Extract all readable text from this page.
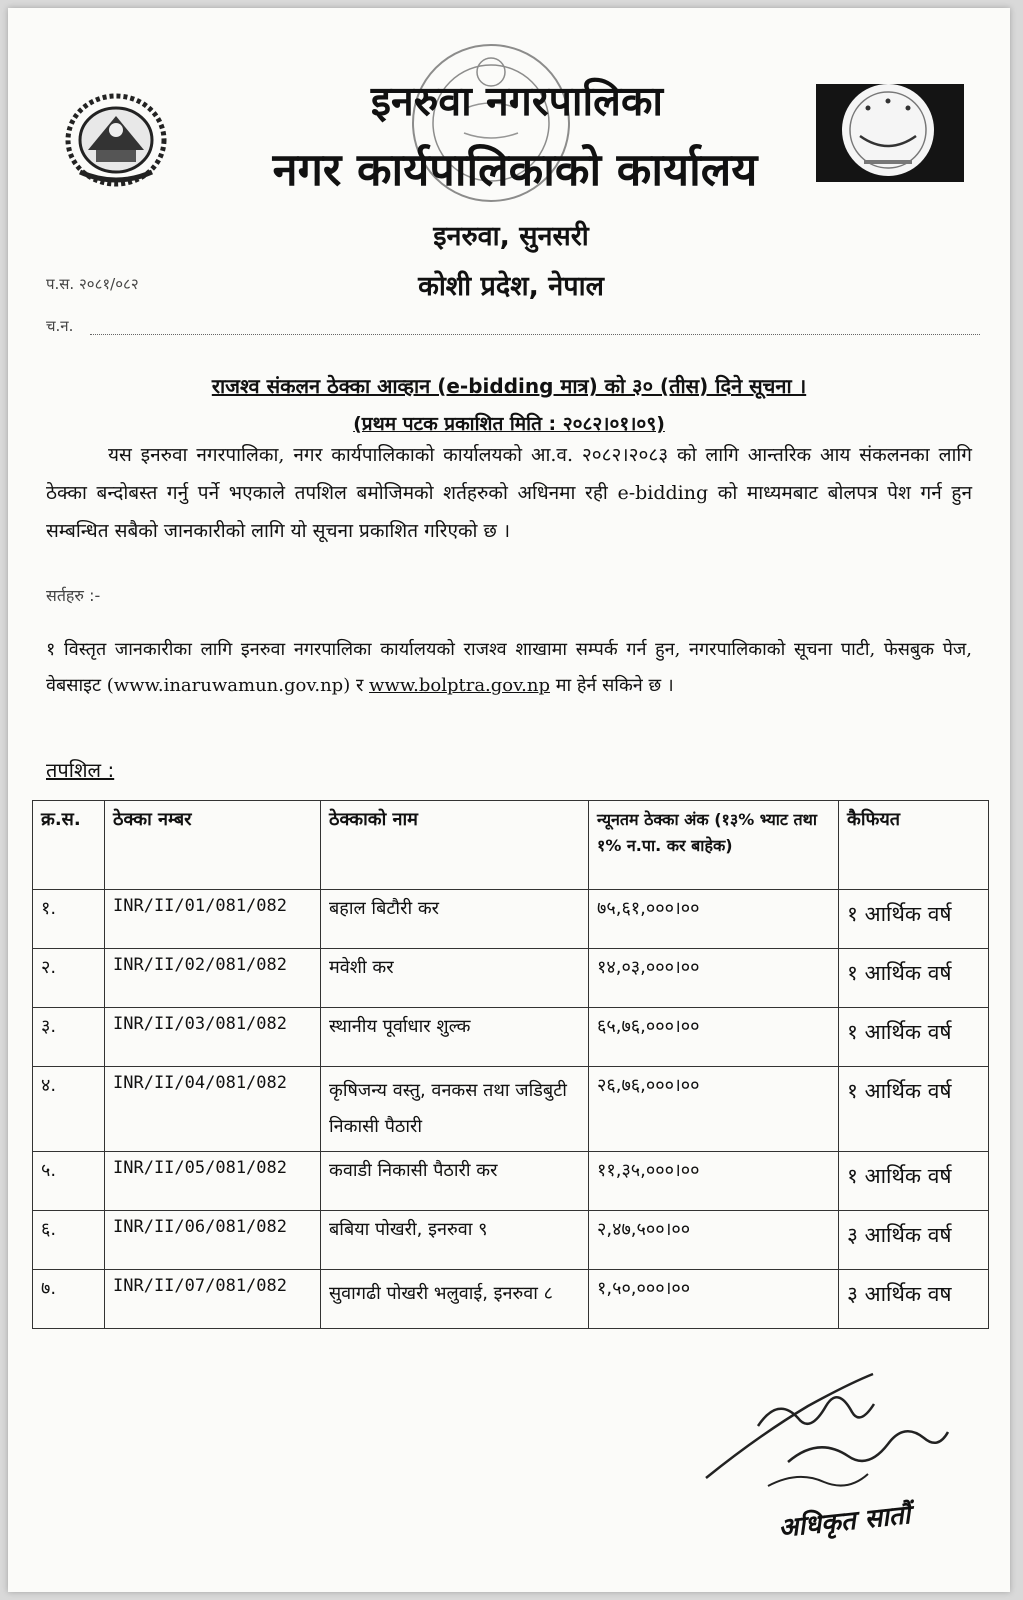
इनरुवा नगरपालिका
नगर कार्यपालिकाको कार्यालय
इनरुवा, सुनसरी
कोशी प्रदेश, नेपाल
प.स. २०८१/०८२
च.न.
राजश्व संकलन ठेक्का आव्हान (e-bidding मात्र) को ३० (तीस) दिने सूचना ।
(प्रथम पटक प्रकाशित मिति : २०८२।०१।०९)
यस इनरुवा नगरपालिका, नगर कार्यपालिकाको कार्यालयको आ.व. २०८२।२०८३ को लागि आन्तरिक आय संकलनका लागि ठेक्का बन्दोबस्त गर्नु पर्ने भएकाले तपशिल बमोजिमको शर्तहरुको अधिनमा रही e-bidding को माध्यमबाट बोलपत्र पेश गर्न हुन सम्बन्धित सबैको जानकारीको लागि यो सूचना प्रकाशित गरिएको छ ।
सर्तहरु :-
१ विस्तृत जानकारीका लागि इनरुवा नगरपालिका कार्यालयको राजश्व शाखामा सम्पर्क गर्न हुन, नगरपालिकाको सूचना पाटी, फेसबुक पेज, वेबसाइट (www.inaruwamun.gov.np) र www.bolptra.gov.np मा हेर्न सकिने छ ।
तपशिल :
क्र.स.	ठेक्का नम्बर	ठेक्काको नाम	न्यूनतम ठेक्का अंक (१३% भ्याट तथा १% न.पा. कर बाहेक)	कैफियत
१.	INR/II/01/081/082	बहाल बिटौरी कर	७५,६१,०००।००	१ आर्थिक वर्ष
२.	INR/II/02/081/082	मवेशी कर	१४,०३,०००।००	१ आर्थिक वर्ष
३.	INR/II/03/081/082	स्थानीय पूर्वाधार शुल्क	६५,७६,०००।००	१ आर्थिक वर्ष
४.	INR/II/04/081/082	कृषिजन्य वस्तु, वनकस तथा जडिबुटी निकासी पैठारी	२६,७६,०००।००	१ आर्थिक वर्ष
५.	INR/II/05/081/082	कवाडी निकासी पैठारी कर	११,३५,०००।००	१ आर्थिक वर्ष
६.	INR/II/06/081/082	बबिया पोखरी, इनरुवा ९	२,४७,५००।००	३ आर्थिक वर्ष
७.	INR/II/07/081/082	सुवागढी पोखरी भलुवाई, इनरुवा ८	१,५०,०००।००	३ आर्थिक वष
अधिकृत सातौं
